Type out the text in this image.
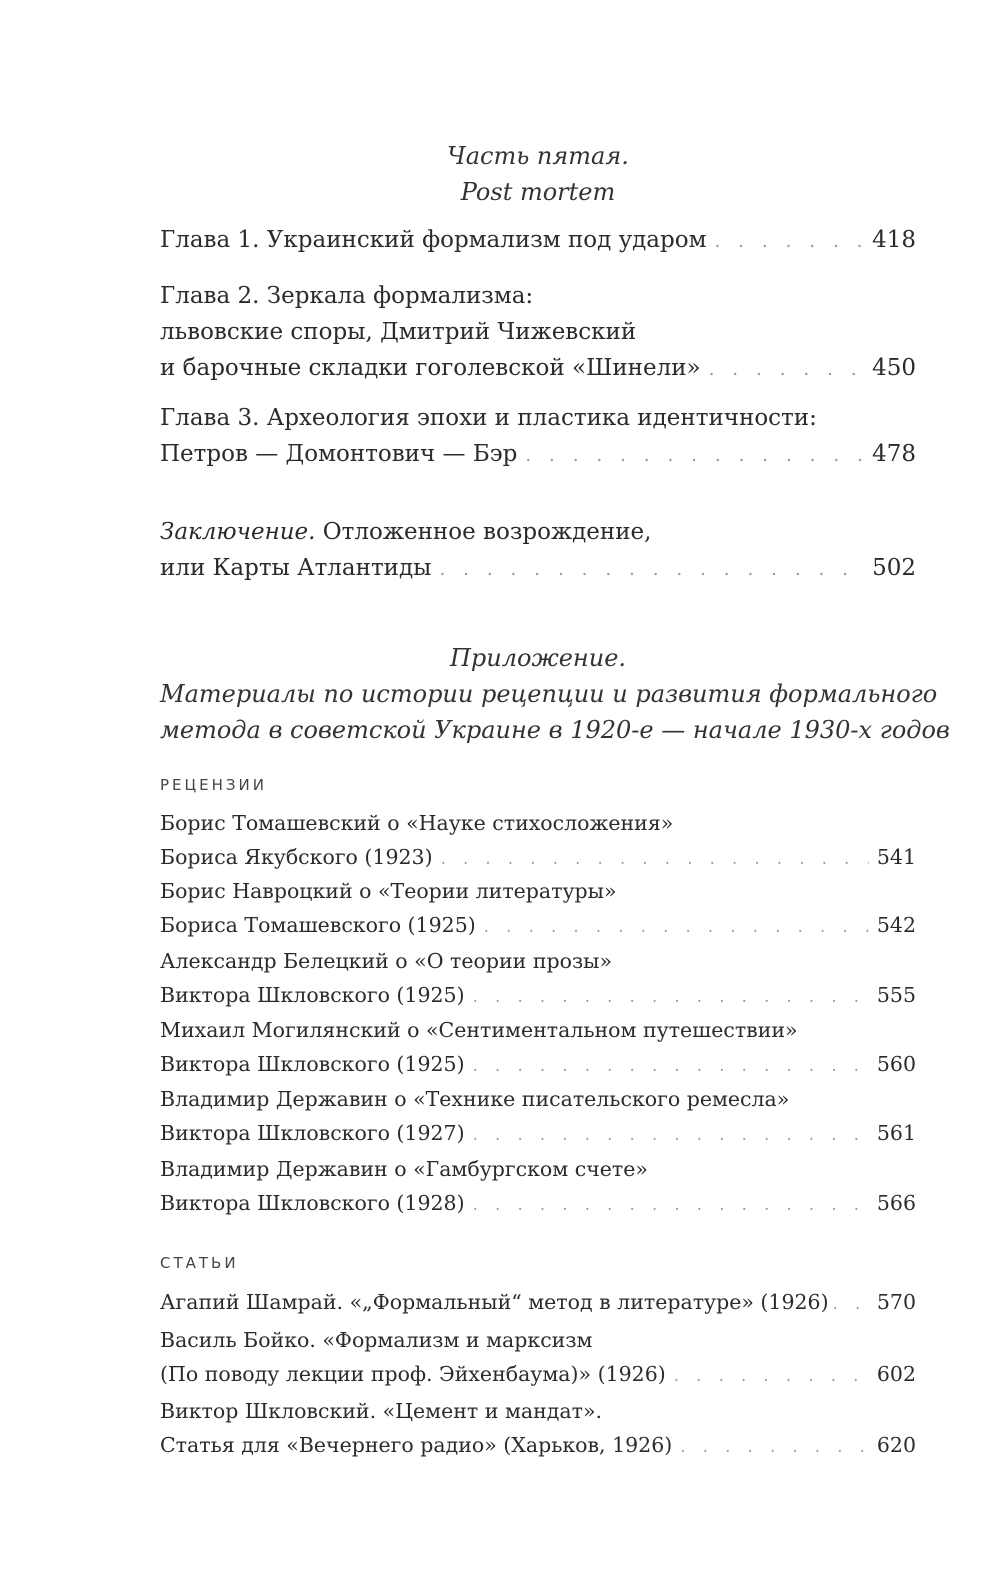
Часть пятая.
Post mortem
Глава 1. Украинский формализм под ударом . . .	418
Глава 2. Зеркала формализма:
львовские споры, Дмитрий Чижевский
и барочные складки гоголевской «Шинели» . . .	450
Глава 3. Археология эпохи и пластика идентичности:
Петров — Домонтович — Бэр . . .	478
Заключение. Отложенное возрождение,
или Карты Атлантиды . . .	502
Приложение.
Материалы по истории рецепции и развития формального
метода в советской Украине в 1920-е — начале 1930-х годов
РЕЦЕНЗИИ
Борис Томашевский о «Науке стихосложения»
Бориса Якубского (1923) . . .	541
Борис Навроцкий о «Теории литературы»
Бориса Томашевского (1925) . . .	542
Александр Белецкий о «О теории прозы»
Виктора Шкловского (1925) . . .	555
Михаил Могилянский о «Сентиментальном путешествии»
Виктора Шкловского (1925) . . .	560
Владимир Державин о «Технике писательского ремесла»
Виктора Шкловского (1927) . . .	561
Владимир Державин о «Гамбургском счете»
Виктора Шкловского (1928) . . .	566
СТАТЬИ
Агапий Шамрай. «„Формальный“ метод в литературе» (1926) . . . 570
Василь Бойко. «Формализм и марксизм
(По поводу лекции проф. Эйхенбаума)» (1926) . . .	602
Виктор Шкловский. «Цемент и мандат».
Статья для «Вечернего радио» (Харьков, 1926) . . .	620
